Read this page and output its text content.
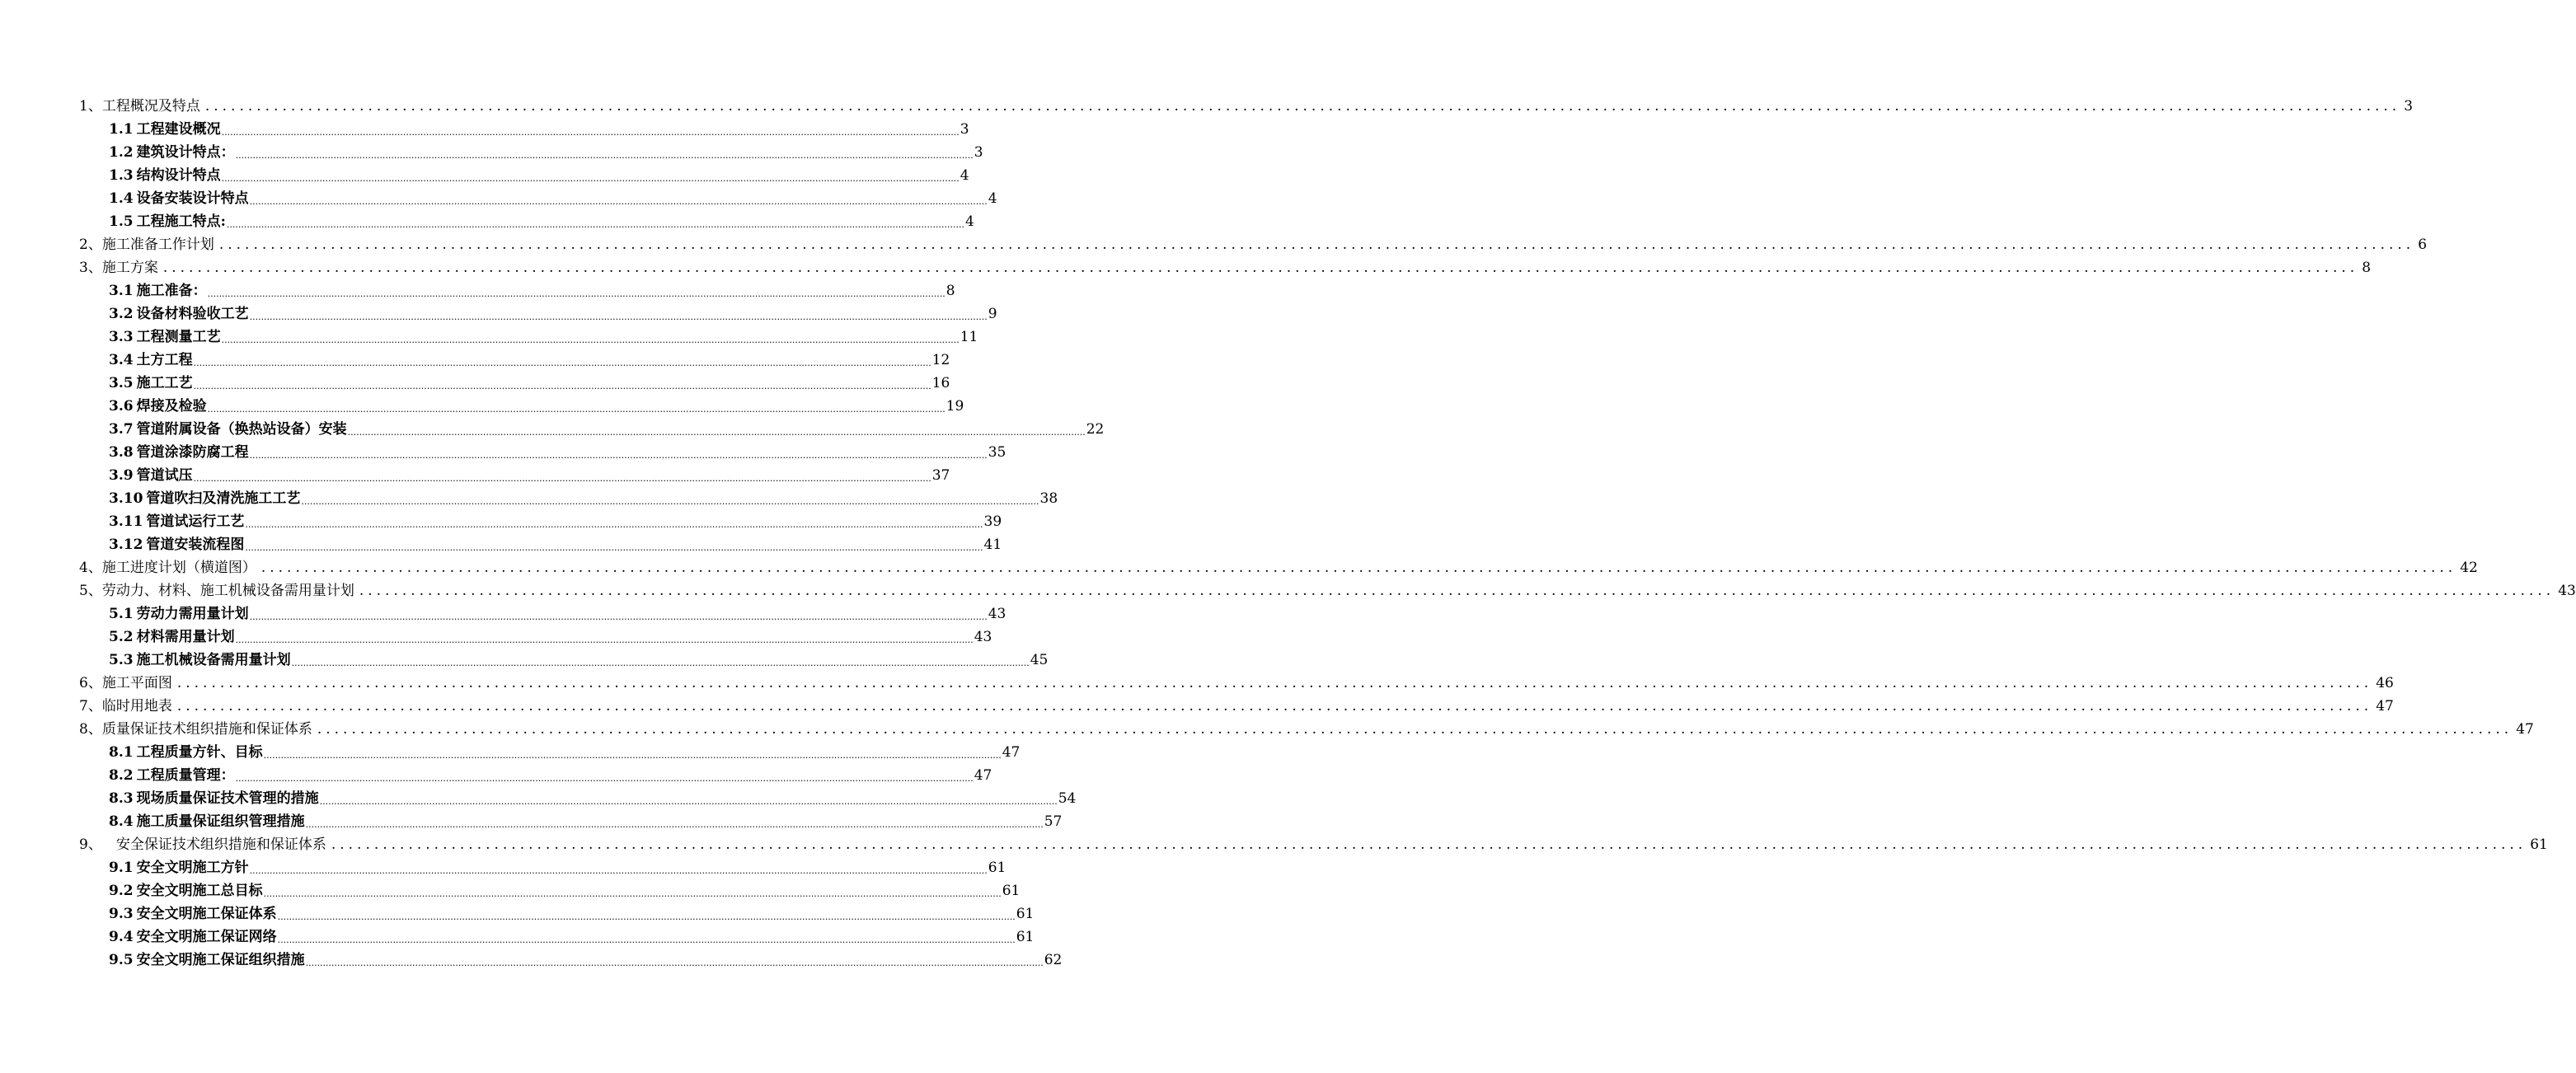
1、工程概况及特点 .....	3
1.1 工程建设概况 .....	3
1.2 建筑设计特点： .....	3
1.3 结构设计特点 .....	4
1.4 设备安装设计特点 .....	4
1.5 工程施工特点: .....	4
2、施工准备工作计划 .....	6
3、施工方案 .....	8
3.1 施工准备： .....	8
3.2 设备材料验收工艺 .....	9
3.3 工程测量工艺 .....	11
3.4 土方工程 .....	12
3.5 施工工艺 .....	16
3.6 焊接及检验 .....	19
3.7 管道附属设备（换热站设备）安装 .....	22
3.8 管道涂漆防腐工程 .....	35
3.9 管道试压 .....	37
3.10 管道吹扫及清洗施工工艺 .....	38
3.11 管道试运行工艺 .....	39
3.12 管道安装流程图 .....	41
4、施工进度计划（横道图） .....	42
5、劳动力、材料、施工机械设备需用量计划 .....	43
5.1 劳动力需用量计划 .....	43
5.2 材料需用量计划 .....	43
5.3 施工机械设备需用量计划 .....	45
6、施工平面图 .....	46
7、临时用地表 .....	47
8、质量保证技术组织措施和保证体系 .....	47
8.1 工程质量方针、目标 .....	47
8.2 工程质量管理： .....	47
8.3 现场质量保证技术管理的措施 .....	54
8.4 施工质量保证组织管理措施 .....	57
9、　安全保证技术组织措施和保证体系 .....	61
9.1 安全文明施工方针 .....	61
9.2 安全文明施工总目标 .....	61
9.3 安全文明施工保证体系 .....	61
9.4 安全文明施工保证网络 .....	61
9.5 安全文明施工保证组织措施 .....	62
